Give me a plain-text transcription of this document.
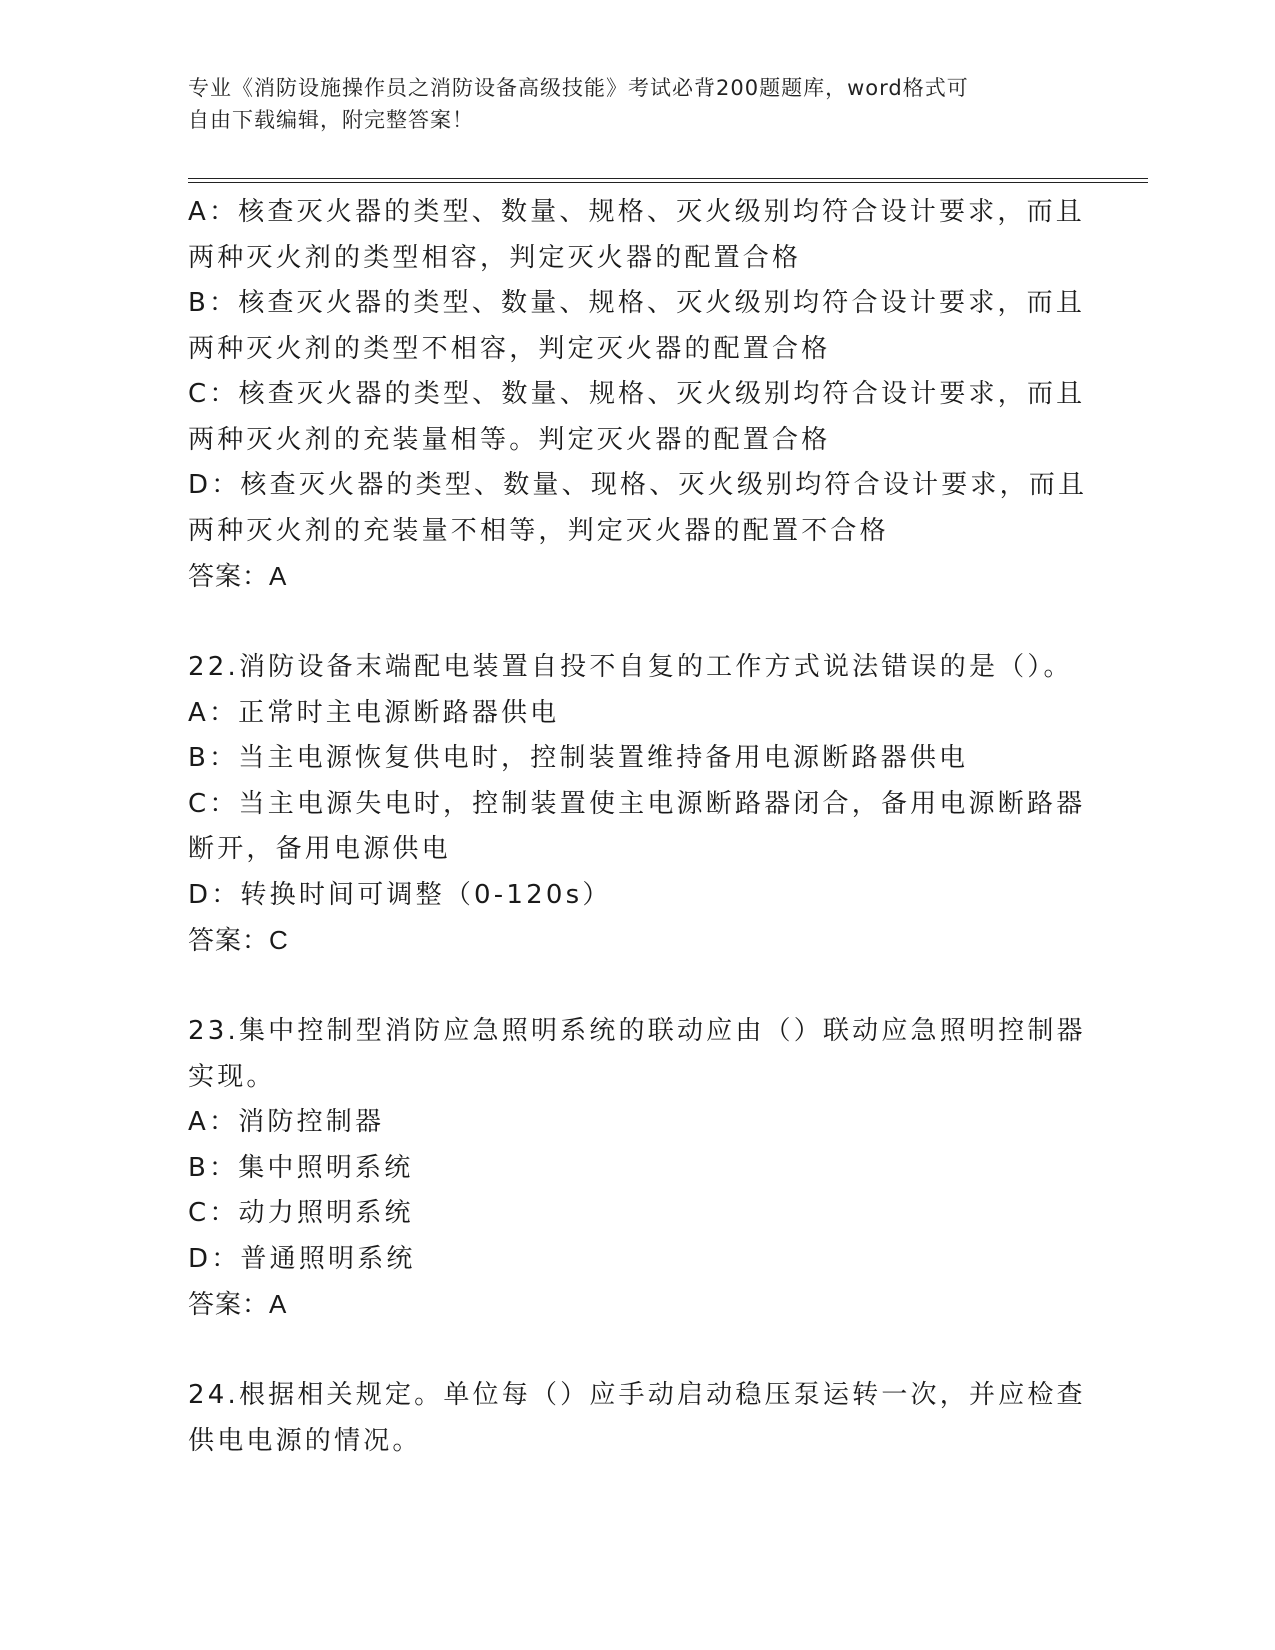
专业《消防设施操作员之消防设备高级技能》考试必背200题题库，word格式可
自由下载编辑，附完整答案！
A：核查灭火器的类型、数量、规格、灭火级别均符合设计要求，而且
两种灭火剂的类型相容，判定灭火器的配置合格
B：核查灭火器的类型、数量、规格、灭火级别均符合设计要求，而且
两种灭火剂的类型不相容，判定灭火器的配置合格
C：核查灭火器的类型、数量、规格、灭火级别均符合设计要求，而且
两种灭火剂的充装量相等。判定灭火器的配置合格
D：核查灭火器的类型、数量、现格、灭火级别均符合设计要求，而且
两种灭火剂的充装量不相等，判定灭火器的配置不合格
答案：A
22.消防设备末端配电装置自投不自复的工作方式说法错误的是（）。
A：正常时主电源断路器供电
B：当主电源恢复供电时，控制装置维持备用电源断路器供电
C：当主电源失电时，控制装置使主电源断路器闭合，备用电源断路器
断开，备用电源供电
D：转换时间可调整（0-120s）
答案：C
23.集中控制型消防应急照明系统的联动应由（）联动应急照明控制器
实现。
A：消防控制器
B：集中照明系统
C：动力照明系统
D：普通照明系统
答案：A
24.根据相关规定。单位每（）应手动启动稳压泵运转一次，并应检查
供电电源的情况。
